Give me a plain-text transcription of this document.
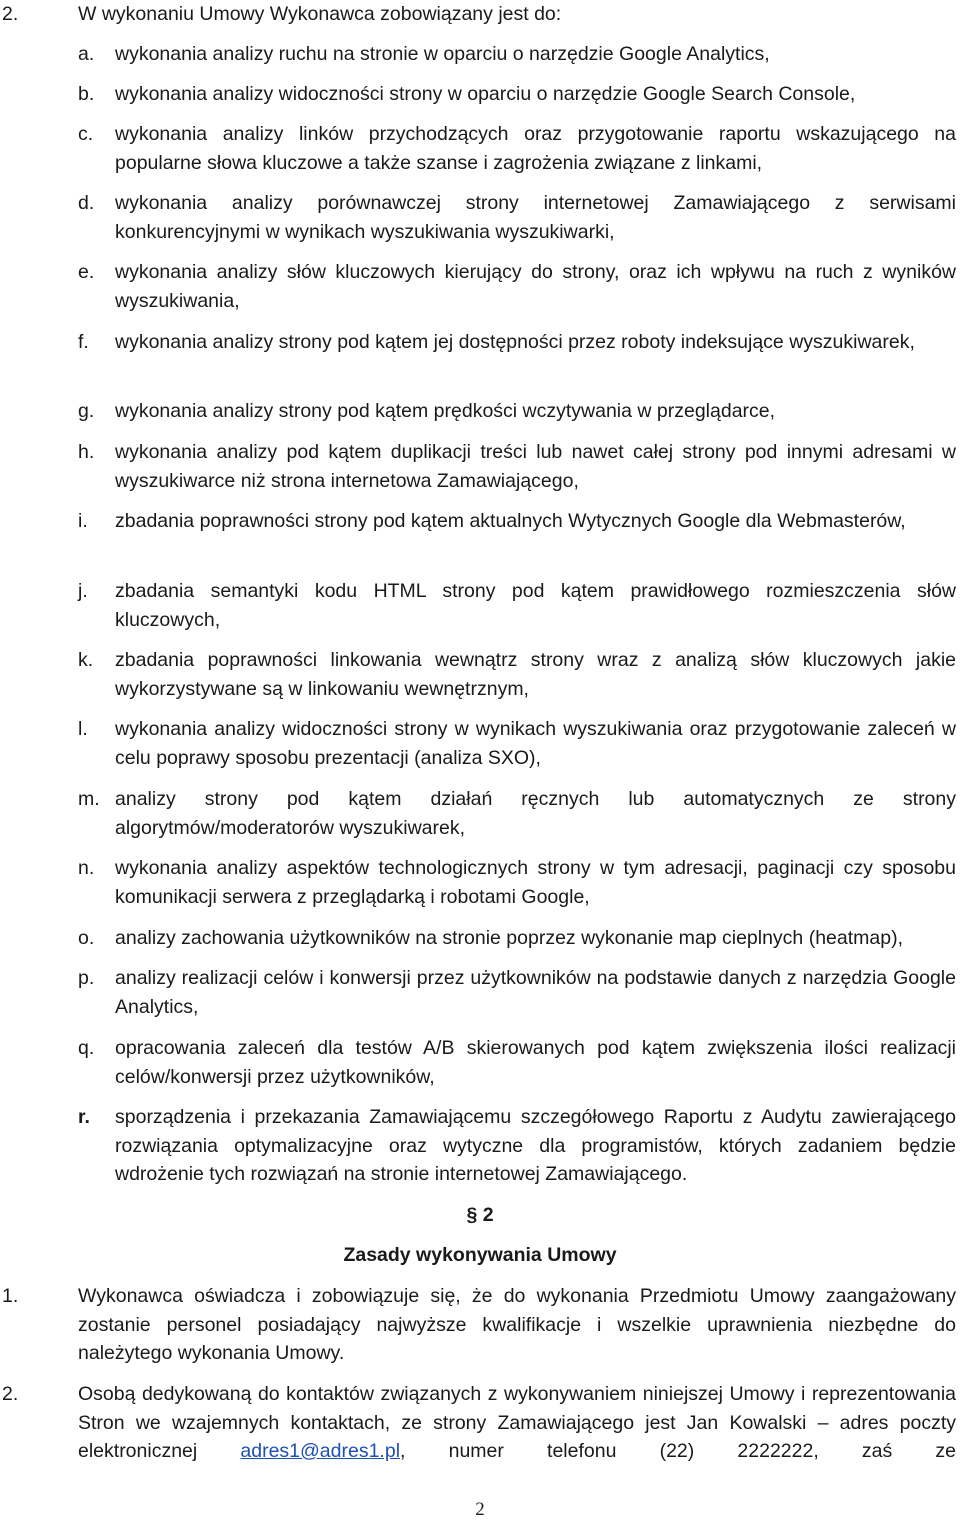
2.	W wykonaniu Umowy Wykonawca zobowiązany jest do:
a. wykonania analizy ruchu na stronie w oparciu o narzędzie Google Analytics,
b. wykonania analizy widoczności strony w oparciu o narzędzie Google Search Console,
c. wykonania analizy linków przychodzących oraz przygotowanie raportu wskazującego na popularne słowa kluczowe a także szanse i zagrożenia związane z linkami,
d. wykonania analizy porównawczej strony internetowej Zamawiającego z serwisami konkurencyjnymi w wynikach wyszukiwania wyszukiwarki,
e. wykonania analizy słów kluczowych kierujący do strony, oraz ich wpływu na ruch z wyników wyszukiwania,
f. wykonania analizy strony pod kątem jej dostępności przez roboty indeksujące wyszukiwarek,
g. wykonania analizy strony pod kątem prędkości wczytywania w przeglądarce,
h. wykonania analizy pod kątem duplikacji treści lub nawet całej strony pod innymi adresami w wyszukiwarce niż strona internetowa Zamawiającego,
i. zbadania poprawności strony pod kątem aktualnych Wytycznych Google dla Webmasterów,
j. zbadania semantyki kodu HTML strony pod kątem prawidłowego rozmieszczenia słów kluczowych,
k. zbadania poprawności linkowania wewnątrz strony wraz z analizą słów kluczowych jakie wykorzystywane są w linkowaniu wewnętrznym,
l. wykonania analizy widoczności strony w wynikach wyszukiwania oraz przygotowanie zaleceń w celu poprawy sposobu prezentacji (analiza SXO),
m. analizy strony pod kątem działań ręcznych lub automatycznych ze strony algorytmów/moderatorów wyszukiwarek,
n. wykonania analizy aspektów technologicznych strony w tym adresacji, paginacji czy sposobu komunikacji serwera z przeglądarką i robotami Google,
o. analizy zachowania użytkowników na stronie poprzez wykonanie map cieplnych (heatmap),
p. analizy realizacji celów i konwersji przez użytkowników na podstawie danych z narzędzia Google Analytics,
q. opracowania zaleceń dla testów A/B skierowanych pod kątem zwiększenia ilości realizacji celów/konwersji przez użytkowników,
r. sporządzenia i przekazania Zamawiającemu szczegółowego Raportu z Audytu zawierającego rozwiązania optymalizacyjne oraz wytyczne dla programistów, których zadaniem będzie wdrożenie tych rozwiązań na stronie internetowej Zamawiającego.
§ 2
Zasady wykonywania Umowy
1.	Wykonawca oświadcza i zobowiązuje się, że do wykonania Przedmiotu Umowy zaangażowany zostanie personel posiadający najwyższe kwalifikacje i wszelkie uprawnienia niezbędne do należytego wykonania Umowy.
2.	Osobą dedykowaną do kontaktów związanych z wykonywaniem niniejszej Umowy i reprezentowania Stron we wzajemnych kontaktach, ze strony Zamawiającego jest Jan Kowalski – adres poczty elektronicznej adres1@adres1.pl, numer telefonu (22) 2222222, zaś ze
2
